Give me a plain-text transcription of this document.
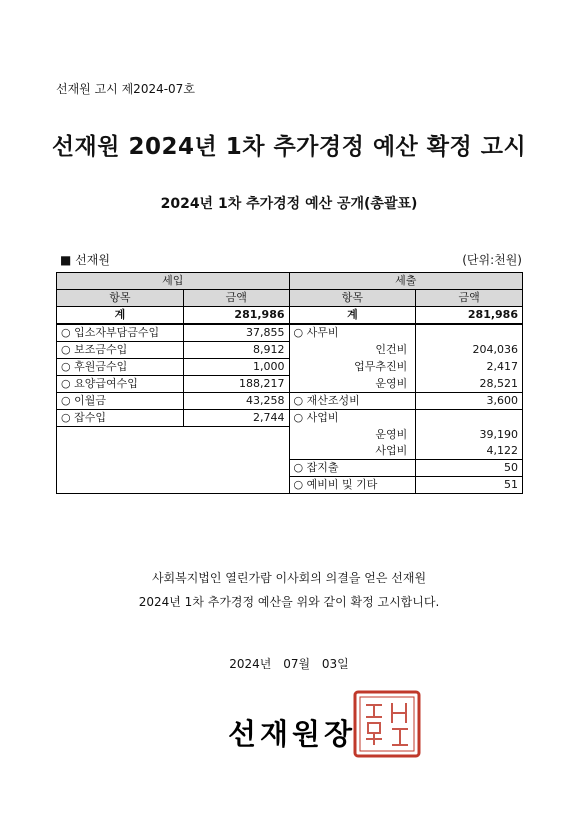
선재원 고시 제2024-07호
선재원 2024년 1차 추가경정 예산 확정 고시
2024년 1차 추가경정 예산 공개(총괄표)
■ 선재원	(단위:천원)
세입		세출	
항목	금액	항목	금액
계	281,986	계	281,986
○ 입소자부담금수입	37,855	○ 사무비	
○ 보조금수입	8,912	인건비	204,036
○ 후원금수입	1,000	업무추진비	2,417
○ 요양급여수입	188,217	운영비	28,521
○ 이월금	43,258	○ 재산조성비	3,600
○ 잡수입	2,744	○ 사업비	
		운영비	39,190
		사업비	4,122
		○ 잡지출	50
		○ 예비비 및 기타	51
사회복지법인 열린가람 이사회의 의결을 얻은 선재원
2024년 1차 추가경정 예산을 위와 같이 확정 고시합니다.
2024년 07월 03일
선재원장
